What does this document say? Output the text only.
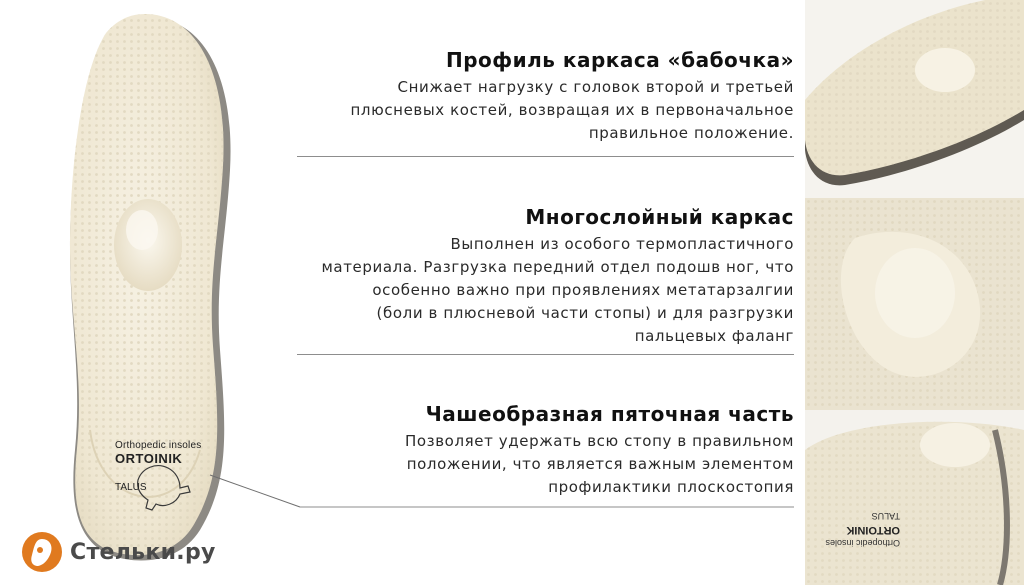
Orthopedic insoles
ORTOINIK
TALUS
Профиль каркаса «бабочка»
Снижает нагрузку с головок второй и третьей
плюсневых костей, возвращая их в первоначальное
правильное положение.
Многослойный каркас
Выполнен из особого термопластичного
материала. Разгрузка передний отдел подошв ног, что
особенно важно при проявлениях метатарзалгии
(боли в плюсневой части стопы) и для разгрузки
пальцевых фаланг
Чашеобразная пяточная часть
Позволяет удержать всю стопу в правильном
положении, что является важным элементом
профилактики плоскостопия
Orthopedic insoles
ORTOINIK
TALUS
Стельки.ру
